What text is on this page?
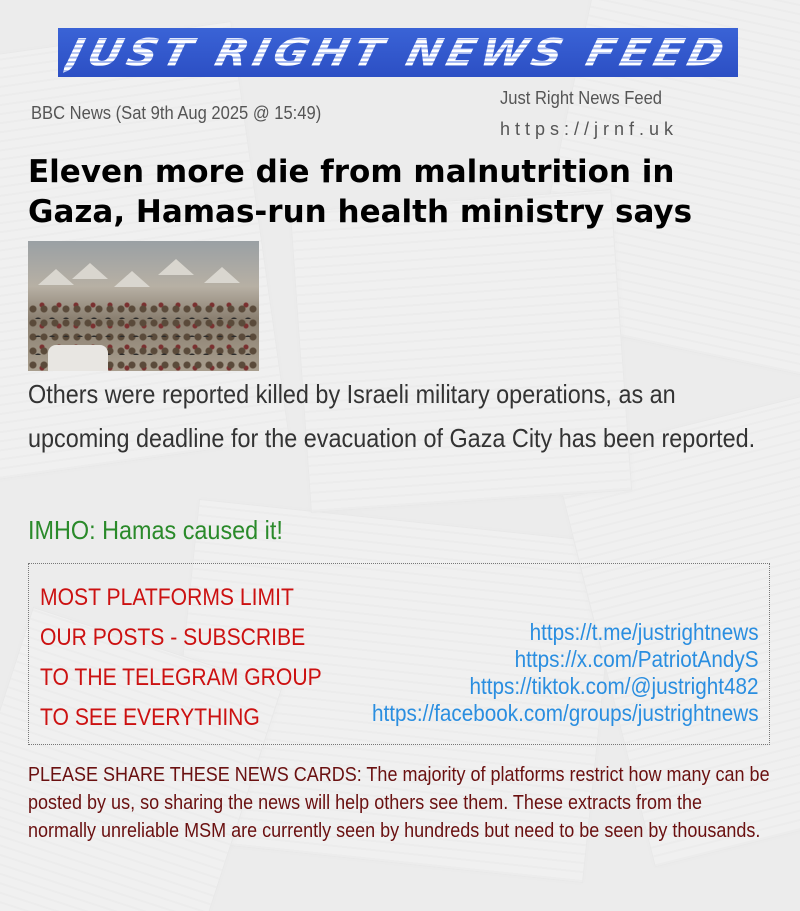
JUST RIGHT NEWS FEED
BBC News (Sat 9th Aug 2025 @ 15:49)
Just Right News Feed
https://jrnf.uk
Eleven more die from malnutrition in Gaza, Hamas-run health ministry says
Others were reported killed by Israeli military operations, as an upcoming deadline for the evacuation of Gaza City has been reported.
IMHO: Hamas caused it!
MOST PLATFORMS LIMIT
OUR POSTS - SUBSCRIBE
TO THE TELEGRAM GROUP
TO SEE EVERYTHING
https://t.me/justrightnews
https://x.com/PatriotAndyS
https://tiktok.com/@justright482
https://facebook.com/groups/justrightnews

PLEASE SHARE THESE NEWS CARDS: The majority of platforms restrict how many can be posted by us, so sharing the news will help others see them. These extracts from the normally unreliable MSM are currently seen by hundreds but need to be seen by thousands.
